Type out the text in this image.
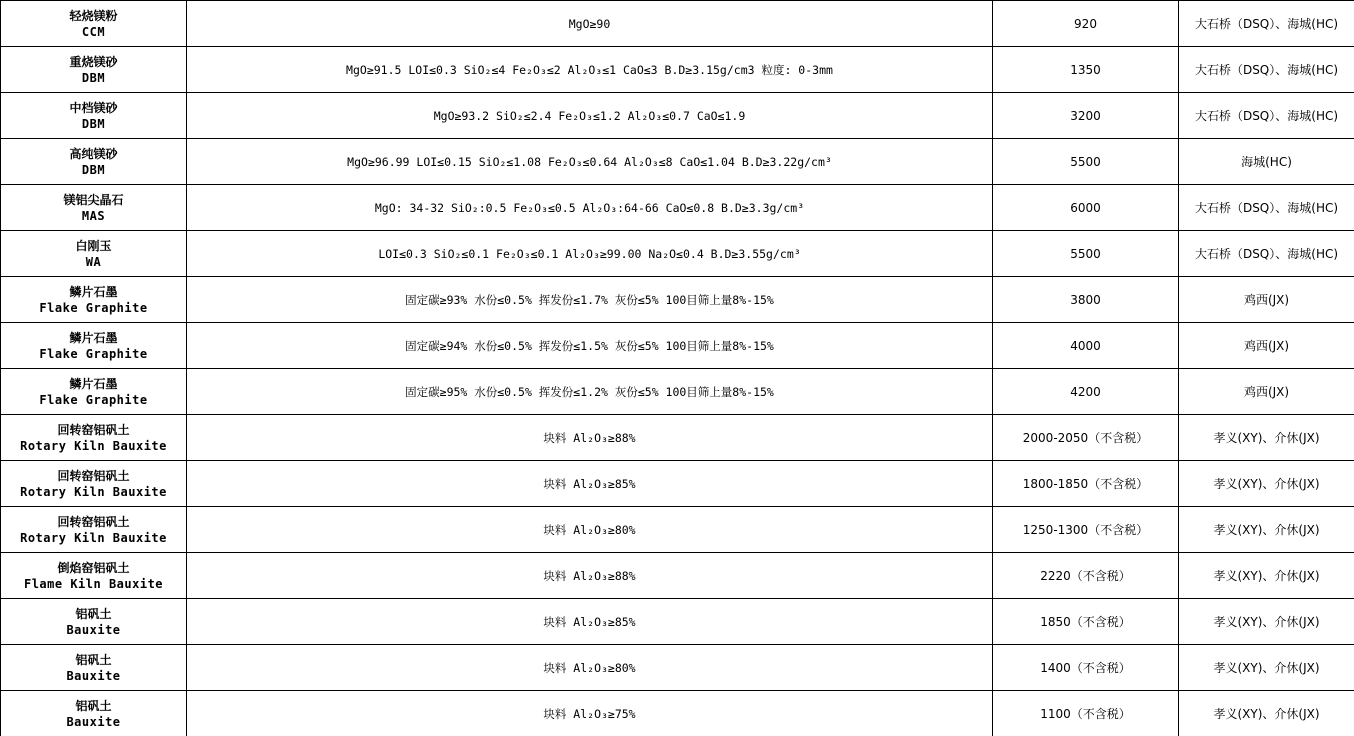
轻烧镁粉
CCM	MgO≥90	920	大石桥（DSQ）、海城(HC)

重烧镁砂
DBM	MgO≥91.5 LOI≤0.3 SiO₂≤4 Fe₂O₃≤2 Al₂O₃≤1 CaO≤3 B.D≥3.15g/cm3 粒度: 0-3mm	1350	大石桥（DSQ）、海城(HC)

中档镁砂
DBM	MgO≥93.2 SiO₂≤2.4 Fe₂O₃≤1.2 Al₂O₃≤0.7 CaO≤1.9	3200	大石桥（DSQ）、海城(HC)

高纯镁砂
DBM	MgO≥96.99 LOI≤0.15 SiO₂≤1.08 Fe₂O₃≤0.64 Al₂O₃≤8 CaO≤1.04 B.D≥3.22g/cm³	5500	海城(HC)

镁铝尖晶石
MAS	MgO: 34-32 SiO₂:0.5 Fe₂O₃≤0.5 Al₂O₃:64-66 CaO≤0.8 B.D≥3.3g/cm³	6000	大石桥（DSQ）、海城(HC)

白刚玉
WA	LOI≤0.3 SiO₂≤0.1 Fe₂O₃≤0.1 Al₂O₃≥99.00 Na₂O≤0.4 B.D≥3.55g/cm³	5500	大石桥（DSQ）、海城(HC)

鳞片石墨
Flake Graphite	固定碳≥93% 水份≤0.5% 挥发份≤1.7% 灰份≤5% 100目筛上量8%-15%	3800	鸡西(JX)

鳞片石墨
Flake Graphite	固定碳≥94% 水份≤0.5% 挥发份≤1.5% 灰份≤5% 100目筛上量8%-15%	4000	鸡西(JX)

鳞片石墨
Flake Graphite	固定碳≥95% 水份≤0.5% 挥发份≤1.2% 灰份≤5% 100目筛上量8%-15%	4200	鸡西(JX)

回转窑铝矾土
Rotary Kiln Bauxite	块料 Al₂O₃≥88%	2000-2050（不含税）	孝义(XY)、介休(JX)

回转窑铝矾土
Rotary Kiln Bauxite	块料 Al₂O₃≥85%	1800-1850（不含税）	孝义(XY)、介休(JX)

回转窑铝矾土
Rotary Kiln Bauxite	块料 Al₂O₃≥80%	1250-1300（不含税）	孝义(XY)、介休(JX)

倒焰窑铝矾土
Flame Kiln Bauxite	块料 Al₂O₃≥88%	2220（不含税）	孝义(XY)、介休(JX)

铝矾土
Bauxite	块料 Al₂O₃≥85%	1850（不含税）	孝义(XY)、介休(JX)

铝矾土
Bauxite	块料 Al₂O₃≥80%	1400（不含税）	孝义(XY)、介休(JX)

铝矾土
Bauxite	块料 Al₂O₃≥75%	1100（不含税）	孝义(XY)、介休(JX)
